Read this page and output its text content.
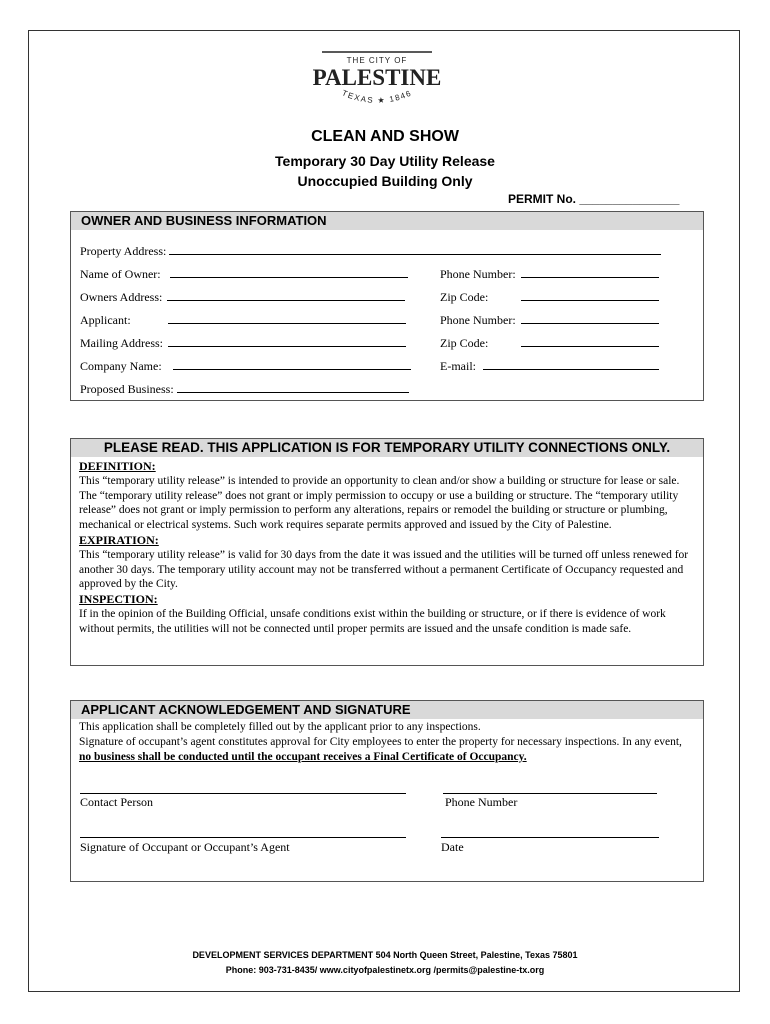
THE CITY OF
PALESTINE
TEXAS ★ 1846
CLEAN AND SHOW
Temporary 30 Day Utility Release
Unoccupied Building Only
PERMIT No. _______________
OWNER AND BUSINESS INFORMATION
Property Address:
Name of Owner:	Phone Number:
Owners Address:	Zip Code:
Applicant:	Phone Number:
Mailing Address:	Zip Code:
Company Name:	E-mail:
Proposed Business:
PLEASE READ. THIS APPLICATION IS FOR TEMPORARY UTILITY CONNECTIONS ONLY.
DEFINITION:
This “temporary utility release” is intended to provide an opportunity to clean and/or show a building or structure for lease or sale. The “temporary utility release” does not grant or imply permission to occupy or use a building or structure. The “temporary utility release” does not grant or imply permission to perform any alterations, repairs or remodel the building or structure or plumbing, mechanical or electrical systems. Such work requires separate permits approved and issued by the City of Palestine.
EXPIRATION:
This “temporary utility release” is valid for 30 days from the date it was issued and the utilities will be turned off unless renewed for another 30 days. The temporary utility account may not be transferred without a permanent Certificate of Occupancy requested and approved by the City.
INSPECTION:
If in the opinion of the Building Official, unsafe conditions exist within the building or structure, or if there is evidence of work without permits, the utilities will not be connected until proper permits are issued and the unsafe condition is made safe.
APPLICANT ACKNOWLEDGEMENT AND SIGNATURE
This application shall be completely filled out by the applicant prior to any inspections.
Signature of occupant’s agent constitutes approval for City employees to enter the property for necessary inspections. In any event, no business shall be conducted until the occupant receives a Final Certificate of Occupancy.
Contact Person	Phone Number
Signature of Occupant or Occupant’s Agent	Date
DEVELOPMENT SERVICES DEPARTMENT 504 North Queen Street, Palestine, Texas 75801
Phone: 903-731-8435/ www.cityofpalestinetx.org /permits@palestine-tx.org
